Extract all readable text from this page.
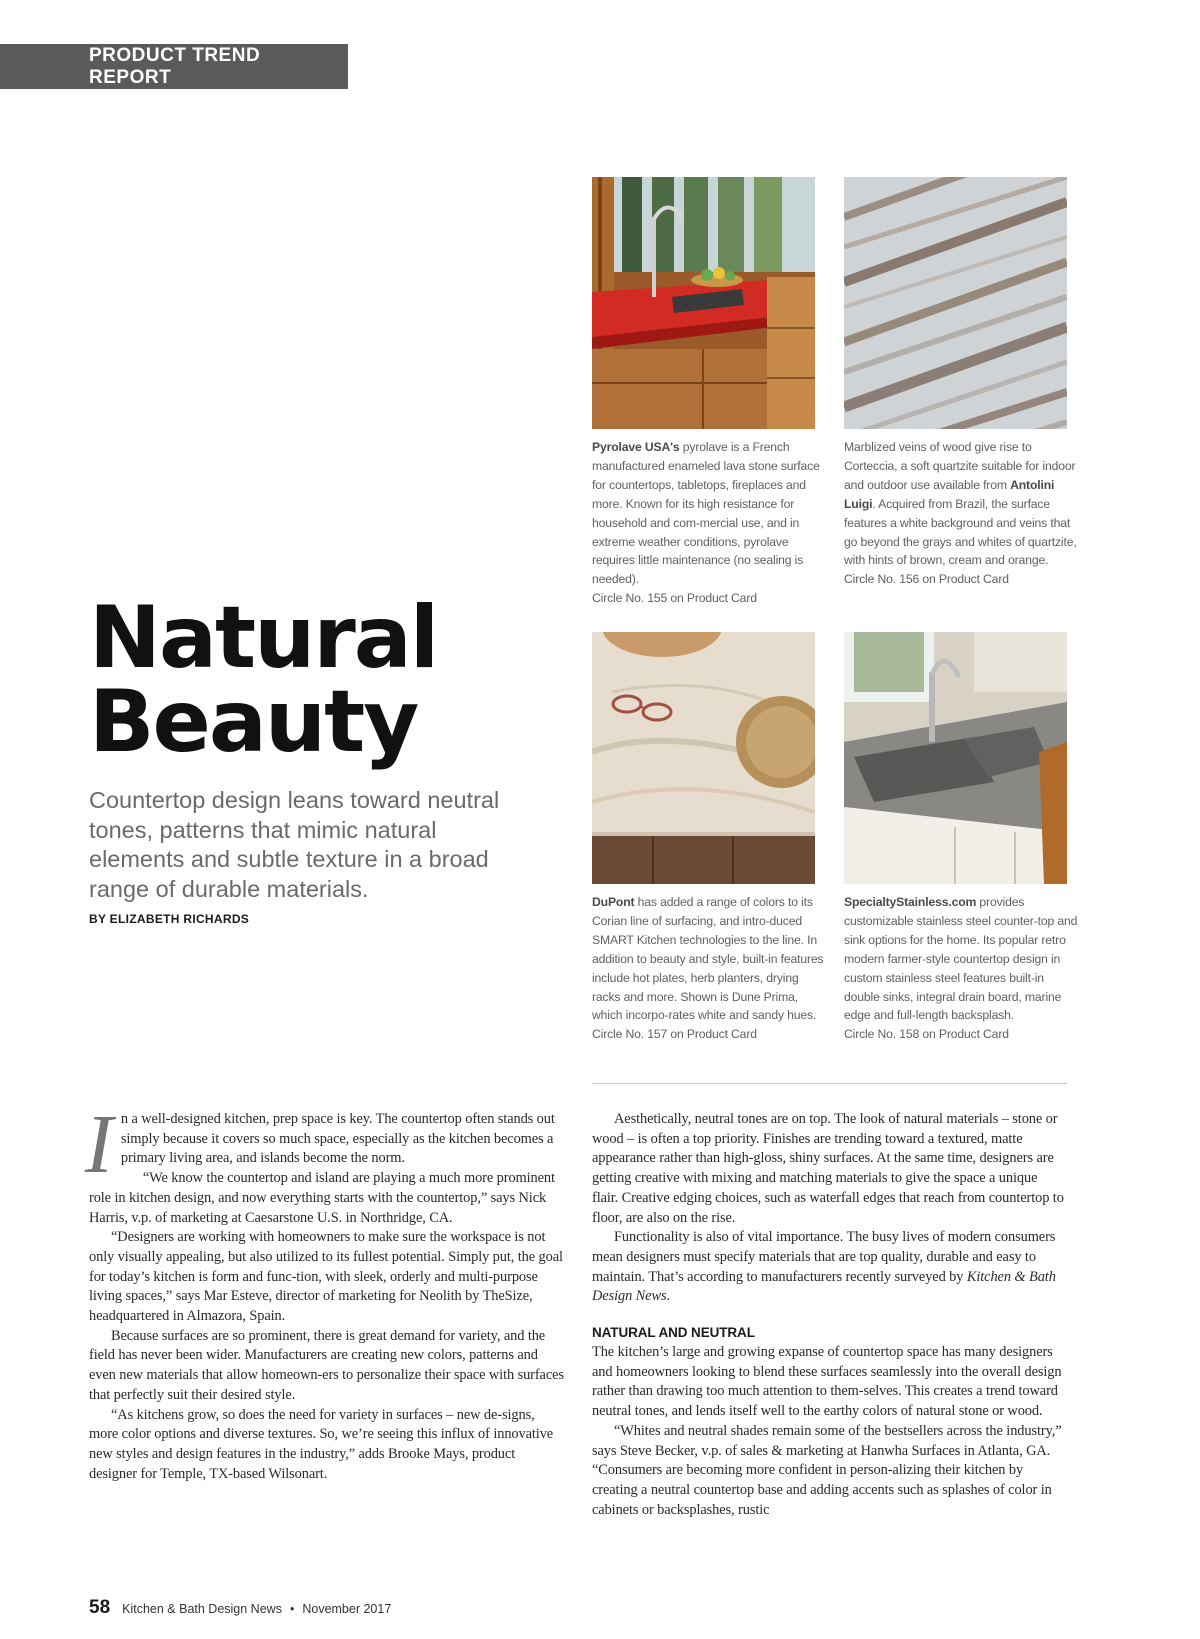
PRODUCT TREND REPORT
Natural
Beauty

Countertop design leans toward neutral tones, patterns that mimic natural elements and subtle texture in a broad range of durable materials.

BY ELIZABETH RICHARDS

Pyrolave USA's pyrolave is a French manufactured enameled lava stone surface for countertops, tabletops, fireplaces and more. Known for its high resistance for household and com-mercial use, and in extreme weather conditions, pyrolave requires little maintenance (no sealing is needed).
Circle No. 155 on Product Card

Marblized veins of wood give rise to Corteccia, a soft quartzite suitable for indoor and outdoor use available from Antolini Luigi. Acquired from Brazil, the surface features a white background and veins that go beyond the grays and whites of quartzite, with hints of brown, cream and orange.
Circle No. 156 on Product Card

DuPont has added a range of colors to its Corian line of surfacing, and intro-duced SMART Kitchen technologies to the line. In addition to beauty and style, built-in features include hot plates, herb planters, drying racks and more. Shown is Dune Prima, which incorpo-rates white and sandy hues.
Circle No. 157 on Product Card

SpecialtyStainless.com provides customizable stainless steel counter-top and sink options for the home. Its popular retro modern farmer-style countertop design in custom stainless steel features built-in double sinks, integral drain board, marine edge and full-length backsplash.
Circle No. 158 on Product Card

I n a well-designed kitchen, prep space is key. The countertop often stands out simply because it covers so much space, especially as the kitchen becomes a primary living area, and islands become the norm.

“We know the countertop and island are playing a much more prominent role in kitchen design, and now everything starts with the countertop,” says Nick Harris, v.p. of marketing at Caesarstone U.S. in Northridge, CA.

“Designers are working with homeowners to make sure the workspace is not only visually appealing, but also utilized to its fullest potential. Simply put, the goal for today’s kitchen is form and func-tion, with sleek, orderly and multi-purpose living spaces,” says Mar Esteve, director of marketing for Neolith by TheSize, headquartered in Almazora, Spain.

Because surfaces are so prominent, there is great demand for variety, and the field has never been wider. Manufacturers are creating new colors, patterns and even new materials that allow homeown-ers to personalize their space with surfaces that perfectly suit their desired style.

“As kitchens grow, so does the need for variety in surfaces – new de-signs, more color options and diverse textures. So, we’re seeing this influx of innovative new styles and design features in the industry,” adds Brooke Mays, product designer for Temple, TX-based Wilsonart.

Aesthetically, neutral tones are on top. The look of natural materials – stone or wood – is often a top priority. Finishes are trending toward a textured, matte appearance rather than high-gloss, shiny surfaces. At the same time, designers are getting creative with mixing and matching materials to give the space a unique flair. Creative edging choices, such as waterfall edges that reach from countertop to floor, are also on the rise.

Functionality is also of vital importance. The busy lives of modern consumers mean designers must specify materials that are top quality, durable and easy to maintain. That’s according to manufacturers recently surveyed by Kitchen & Bath Design News.

NATURAL AND NEUTRAL

The kitchen’s large and growing expanse of countertop space has many designers and homeowners looking to blend these surfaces seamlessly into the overall design rather than drawing too much attention to them-selves. This creates a trend toward neutral tones, and lends itself well to the earthy colors of natural stone or wood.

“Whites and neutral shades remain some of the bestsellers across the industry,” says Steve Becker, v.p. of sales & marketing at Hanwha Surfaces in Atlanta, GA. “Consumers are becoming more confident in person-alizing their kitchen by creating a neutral countertop base and adding accents such as splashes of color in cabinets or backsplashes, rustic

58 Kitchen & Bath Design News • November 2017
